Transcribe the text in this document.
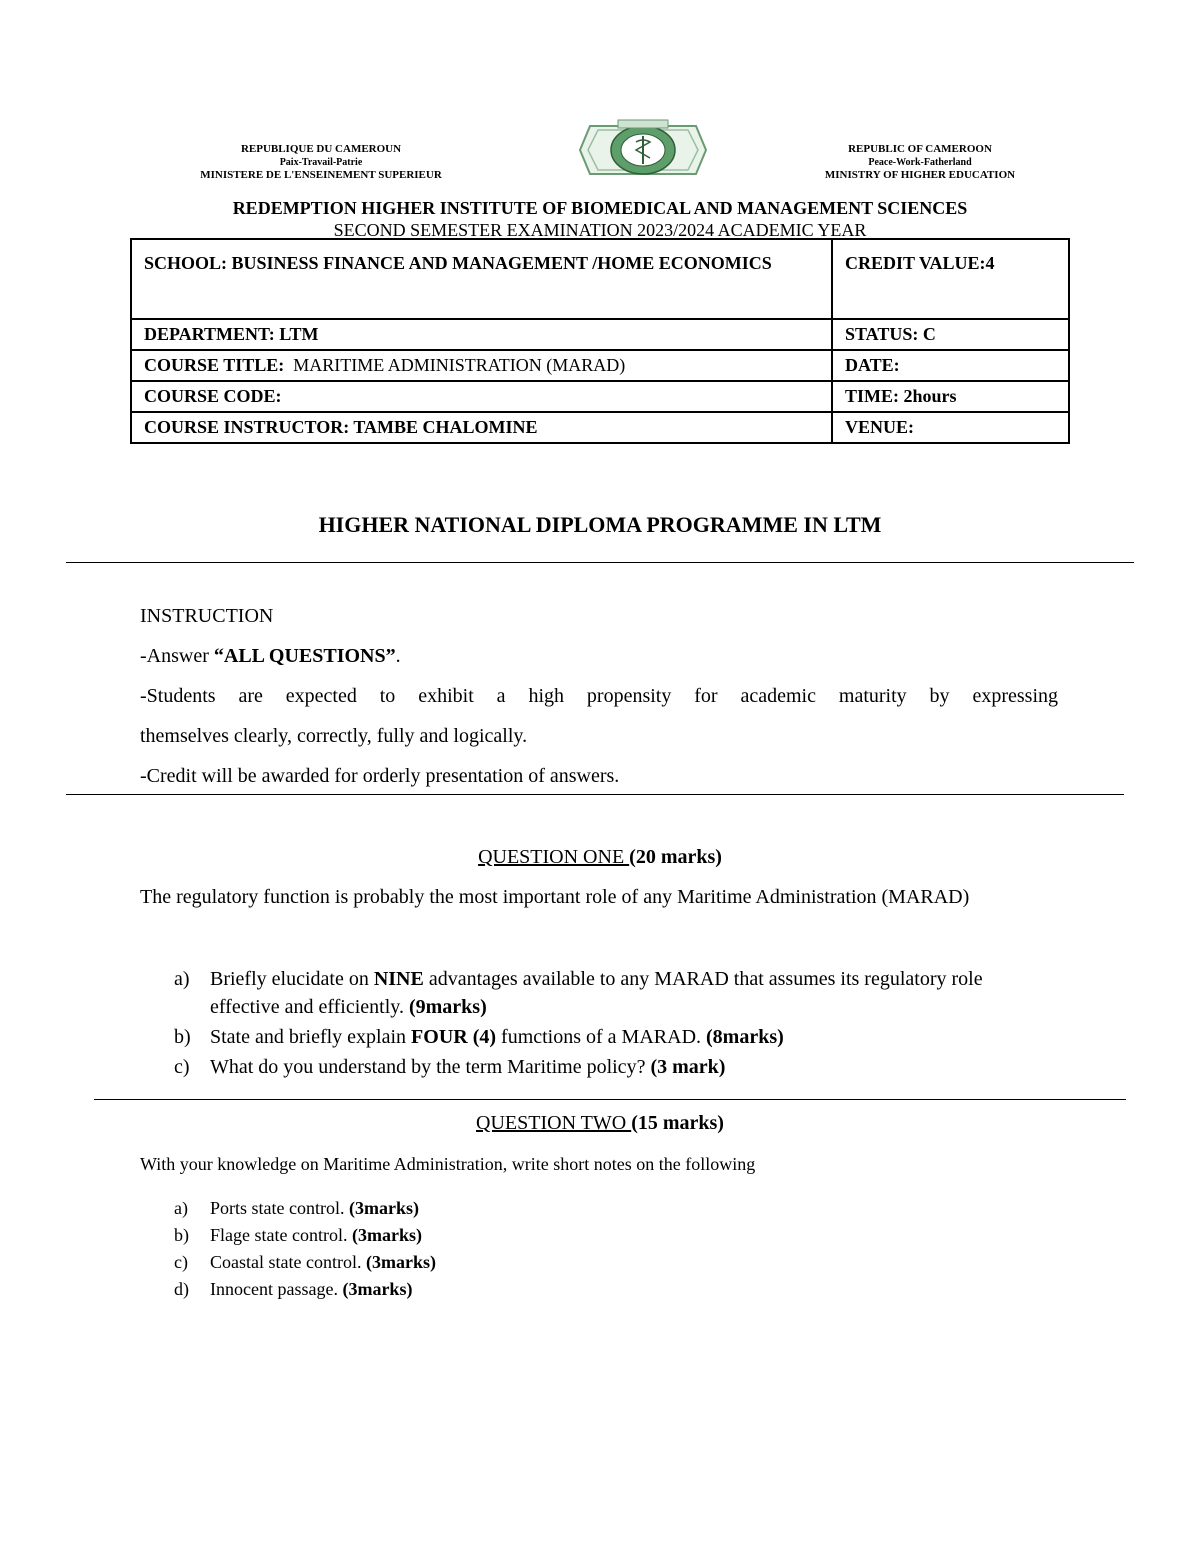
REPUBLIQUE DU CAMEROUN
Paix-Travail-Patrie
MINISTERE DE L'ENSEINEMENT SUPERIEUR
REPUBLIC OF CAMEROON
Peace-Work-Fatherland
MINISTRY OF HIGHER EDUCATION
REDEMPTION HIGHER INSTITUTE OF BIOMEDICAL AND MANAGEMENT SCIENCES
SECOND SEMESTER EXAMINATION 2023/2024 ACADEMIC YEAR
SCHOOL: BUSINESS FINANCE AND MANAGEMENT /HOME ECONOMICS	CREDIT VALUE:4
DEPARTMENT: LTM	STATUS: C
COURSE TITLE: MARITIME ADMINISTRATION (MARAD)	DATE:
COURSE CODE:	TIME: 2hours
COURSE INSTRUCTOR: TAMBE CHALOMINE	VENUE:
HIGHER NATIONAL DIPLOMA PROGRAMME IN LTM

INSTRUCTION

-Answer “ALL QUESTIONS”.

-Students are expected to exhibit a high propensity for academic maturity by expressing

themselves clearly, correctly, fully and logically.

-Credit will be awarded for orderly presentation of answers.

QUESTION ONE (20 marks)
The regulatory function is probably the most important role of any Maritime Administration (MARAD)
a) Briefly elucidate on NINE advantages available to any MARAD that assumes its regulatory role effective and efficiently. (9marks)
b) State and briefly explain FOUR (4) fumctions of a MARAD. (8marks)
c) What do you understand by the term Maritime policy? (3 mark)
QUESTION TWO (15 marks)
With your knowledge on Maritime Administration, write short notes on the following
a) Ports state control. (3marks)
b) Flage state control. (3marks)
c) Coastal state control. (3marks)
d) Innocent passage. (3marks)
